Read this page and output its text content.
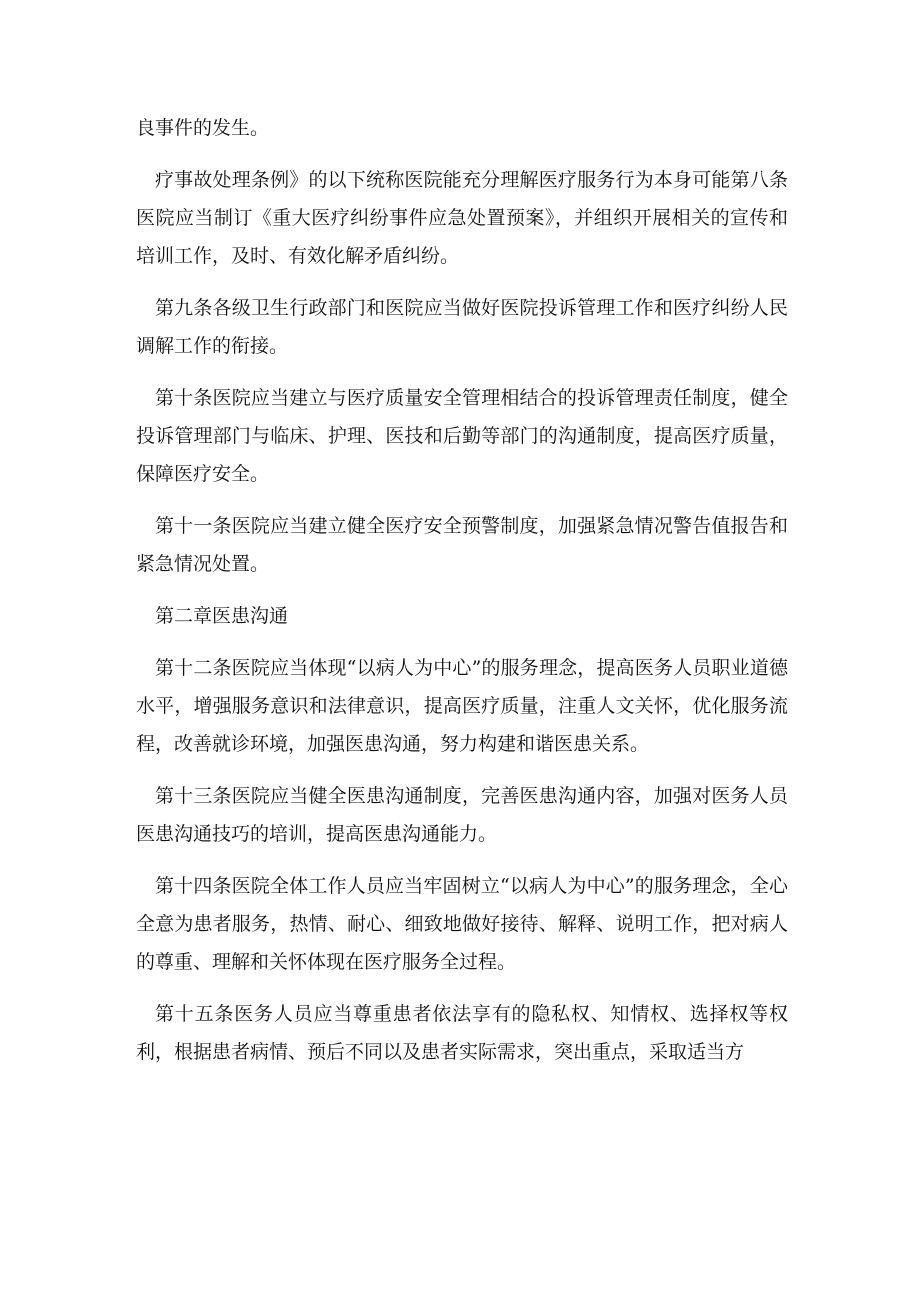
良事件的发生。

疗事故处理条例》的以下统称医院能充分理解医疗服务行为本身可能第八条医院应当制订《重大医疗纠纷事件应急处置预案》，并组织开展相关的宣传和培训工作，及时、有效化解矛盾纠纷。

第九条各级卫生行政部门和医院应当做好医院投诉管理工作和医疗纠纷人民调解工作的衔接。

第十条医院应当建立与医疗质量安全管理相结合的投诉管理责任制度，健全投诉管理部门与临床、护理、医技和后勤等部门的沟通制度，提高医疗质量，保障医疗安全。

第十一条医院应当建立健全医疗安全预警制度，加强紧急情况警告值报告和紧急情况处置。

第二章医患沟通

第十二条医院应当体现“以病人为中心”的服务理念，提高医务人员职业道德水平，增强服务意识和法律意识，提高医疗质量，注重人文关怀，优化服务流程，改善就诊环境，加强医患沟通，努力构建和谐医患关系。

第十三条医院应当健全医患沟通制度，完善医患沟通内容，加强对医务人员医患沟通技巧的培训，提高医患沟通能力。

第十四条医院全体工作人员应当牢固树立“以病人为中心”的服务理念，全心全意为患者服务，热情、耐心、细致地做好接待、解释、说明工作，把对病人的尊重、理解和关怀体现在医疗服务全过程。

第十五条医务人员应当尊重患者依法享有的隐私权、知情权、选择权等权利，根据患者病情、预后不同以及患者实际需求，突出重点，采取适当方
